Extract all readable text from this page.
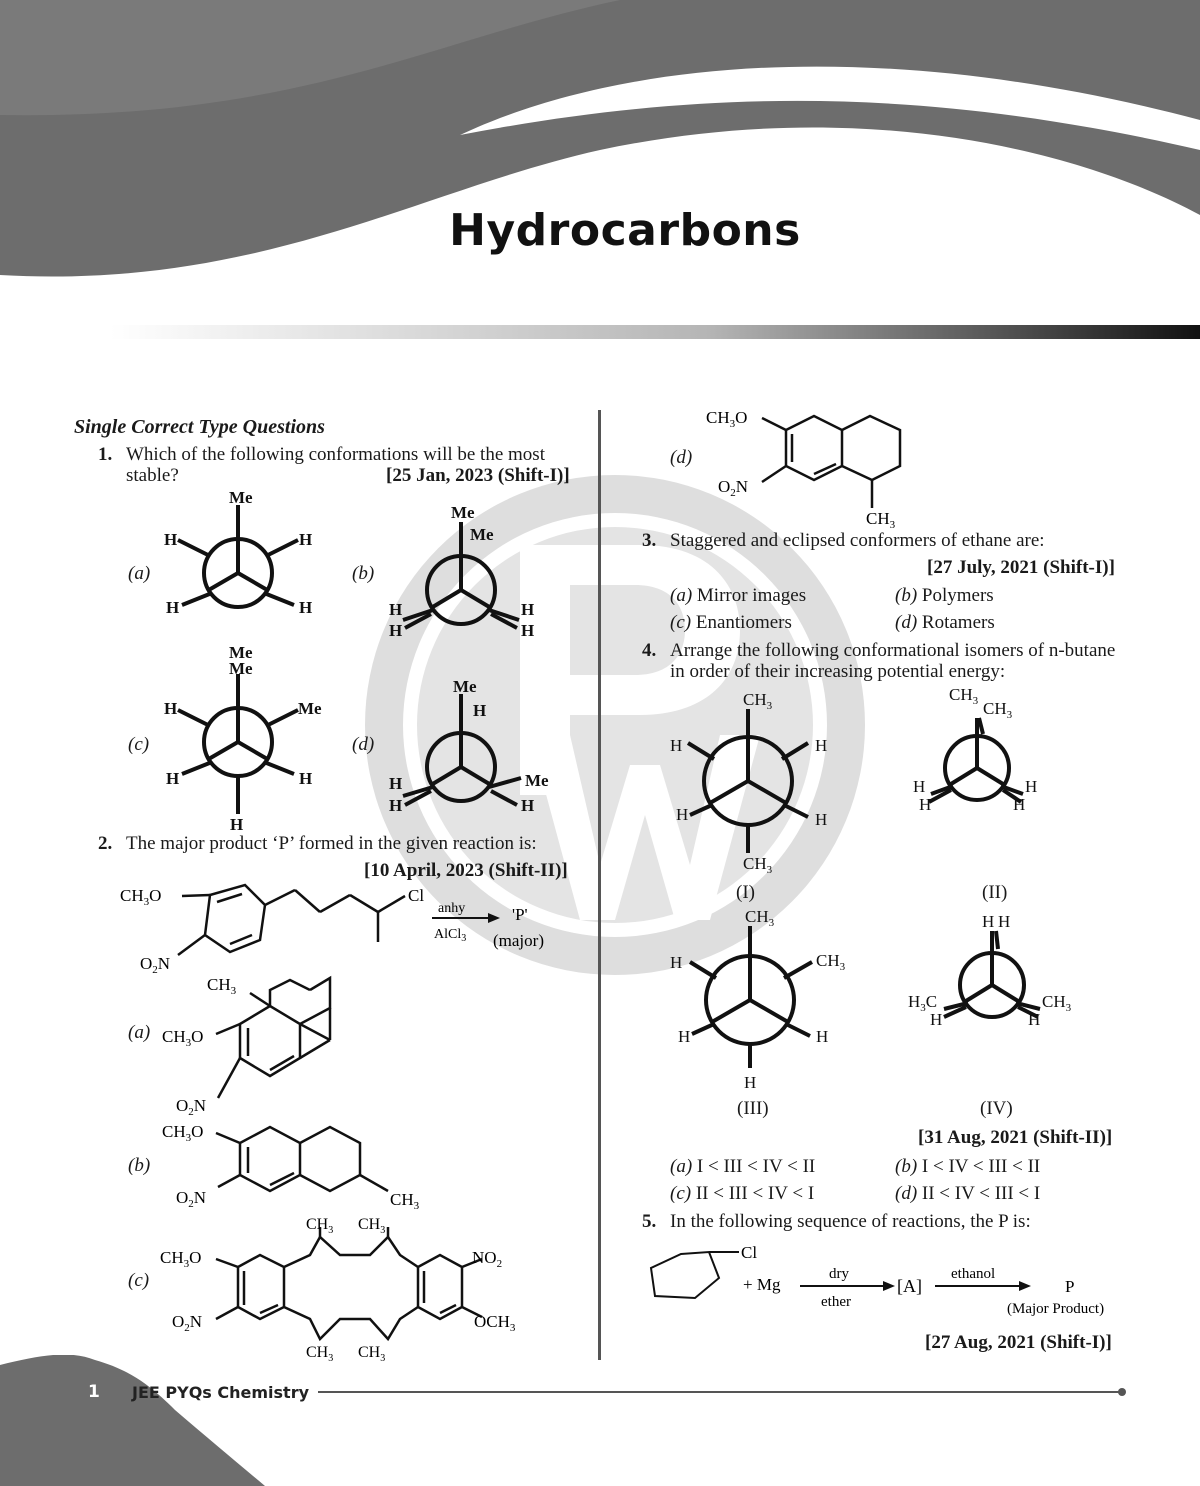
Hydrocarbons
Single Correct Type Questions
1. Which of the following conformations will be the most
stable?	[25 Jan, 2023 (Shift-I)]
(a)	(b)
(c)	(d)
Me
H	H
H	H
Me
Me
H
H
H
H
Me
Me
H	Me
H	H
H
Me
H
H
H
Me
H
2. The major product ‘P’ formed in the given reaction is:
[10 April, 2023 (Shift-II)]
$CH_3O$
$O_2N$
Cl
anhy
AlCl$_3$
'P'
(major)
(a)
$CH_3$
$CH_3O$
$O_2N$
(b)
$CH_3O$
$O_2N$	$CH_3$
(c)
$CH_3$ $CH_3$
$CH_3O$
$O_2N$
$NO_2$
$OCH_3$
$CH_3$ $CH_3$
(d)
$CH_3O$
$O_2N$
$CH_3$
3. Staggered and eclipsed conformers of ethane are:
[27 July, 2021 (Shift-I)]
(a) Mirror images	(b) Polymers
(c) Enantiomers	(d) Rotamers
4. Arrange the following conformational isomers of n-butane
in order of their increasing potential energy:
$CH_3$
H	H
H	H
$CH_3$
(I)
$CH_3$ $CH_3$
H
H
H
H
(II)
$CH_3$
H	$CH_3$
H	H
H
(III)
H H
$H_3C$
H
$CH_3$
H
(IV)
[31 Aug, 2021 (Shift-II)]
(a) I < III < IV < II	(b) I < IV < III < II
(c) II < III < IV < I	(d) II < IV < III < I
5. In the following sequence of reactions, the P is:
Cl
+ Mg
dry
ether
[A]
ethanol
P
(Major Product)
[27 Aug, 2021 (Shift-I)]
1 JEE PYQs Chemistry
